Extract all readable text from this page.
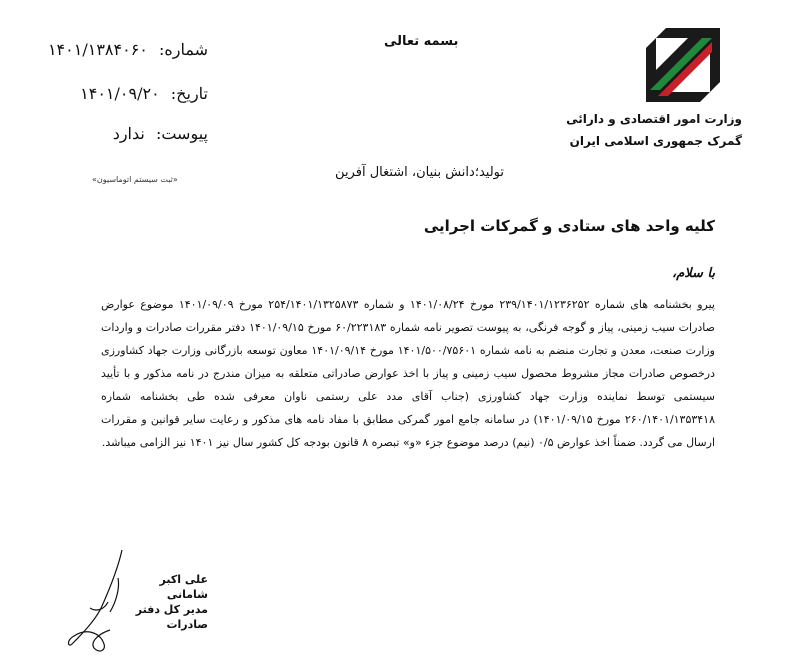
شماره: ۱۴۰۱/۱۳۸۴۰۶۰
تاریخ: ۱۴۰۱/۰۹/۲۰
پیوست: ندارد
«ثبت سیستم اتوماسیون»
بسمه تعالی
وزارت امور اقتصادی و دارائی
گمرک جمهوری اسلامی ایران
تولید؛دانش بنیان، اشتغال آفرین
کلیه واحد های ستادی و گمرکات اجرایی
با سلام،
پیرو بخشنامه های شماره ۲۳۹/۱۴۰۱/۱۲۳۶۲۵۲ مورخ ۱۴۰۱/۰۸/۲۴ و شماره ۲۵۴/۱۴۰۱/۱۳۲۵۸۷۳ مورخ ۱۴۰۱/۰۹/۰۹ موضوع عوارض صادرات سیب زمینی، پیاز و گوجه فرنگی، به پیوست تصویر نامه شماره ۶۰/۲۲۳۱۸۳ مورخ ۱۴۰۱/۰۹/۱۵ دفتر مقررات صادرات و واردات وزارت صنعت، معدن و تجارت منضم به نامه شماره ۱۴۰۱/۵۰۰/۷۵۶۰۱ مورخ ۱۴۰۱/۰۹/۱۴ معاون توسعه بازرگانی وزارت جهاد کشاورزی درخصوص صادرات مجاز مشروط محصول سیب زمینی و پیاز با اخذ عوارض صادراتی متعلقه به میزان مندرج در نامه مذکور و با تأیید سیستمی توسط نماینده وزارت جهاد کشاورزی (جناب آقای مدد علی رستمی ناوان معرفی شده طی بخشنامه شماره ۲۶۰/۱۴۰۱/۱۳۵۳۴۱۸ مورخ ۱۴۰۱/۰۹/۱۵) در سامانه جامع امور گمرکی مطابق با مفاد نامه های مذکور و رعایت سایر قوانین و مقررات ارسال می گردد. ضمناً اخذ عوارض ۰/۵ (نیم) درصد موضوع جزء «و» تبصره ۸ قانون بودجه کل کشور سال نیز ۱۴۰۱ نیز الزامی میباشد.
علی اکبر شامانی
مدیر کل دفتر صادرات
